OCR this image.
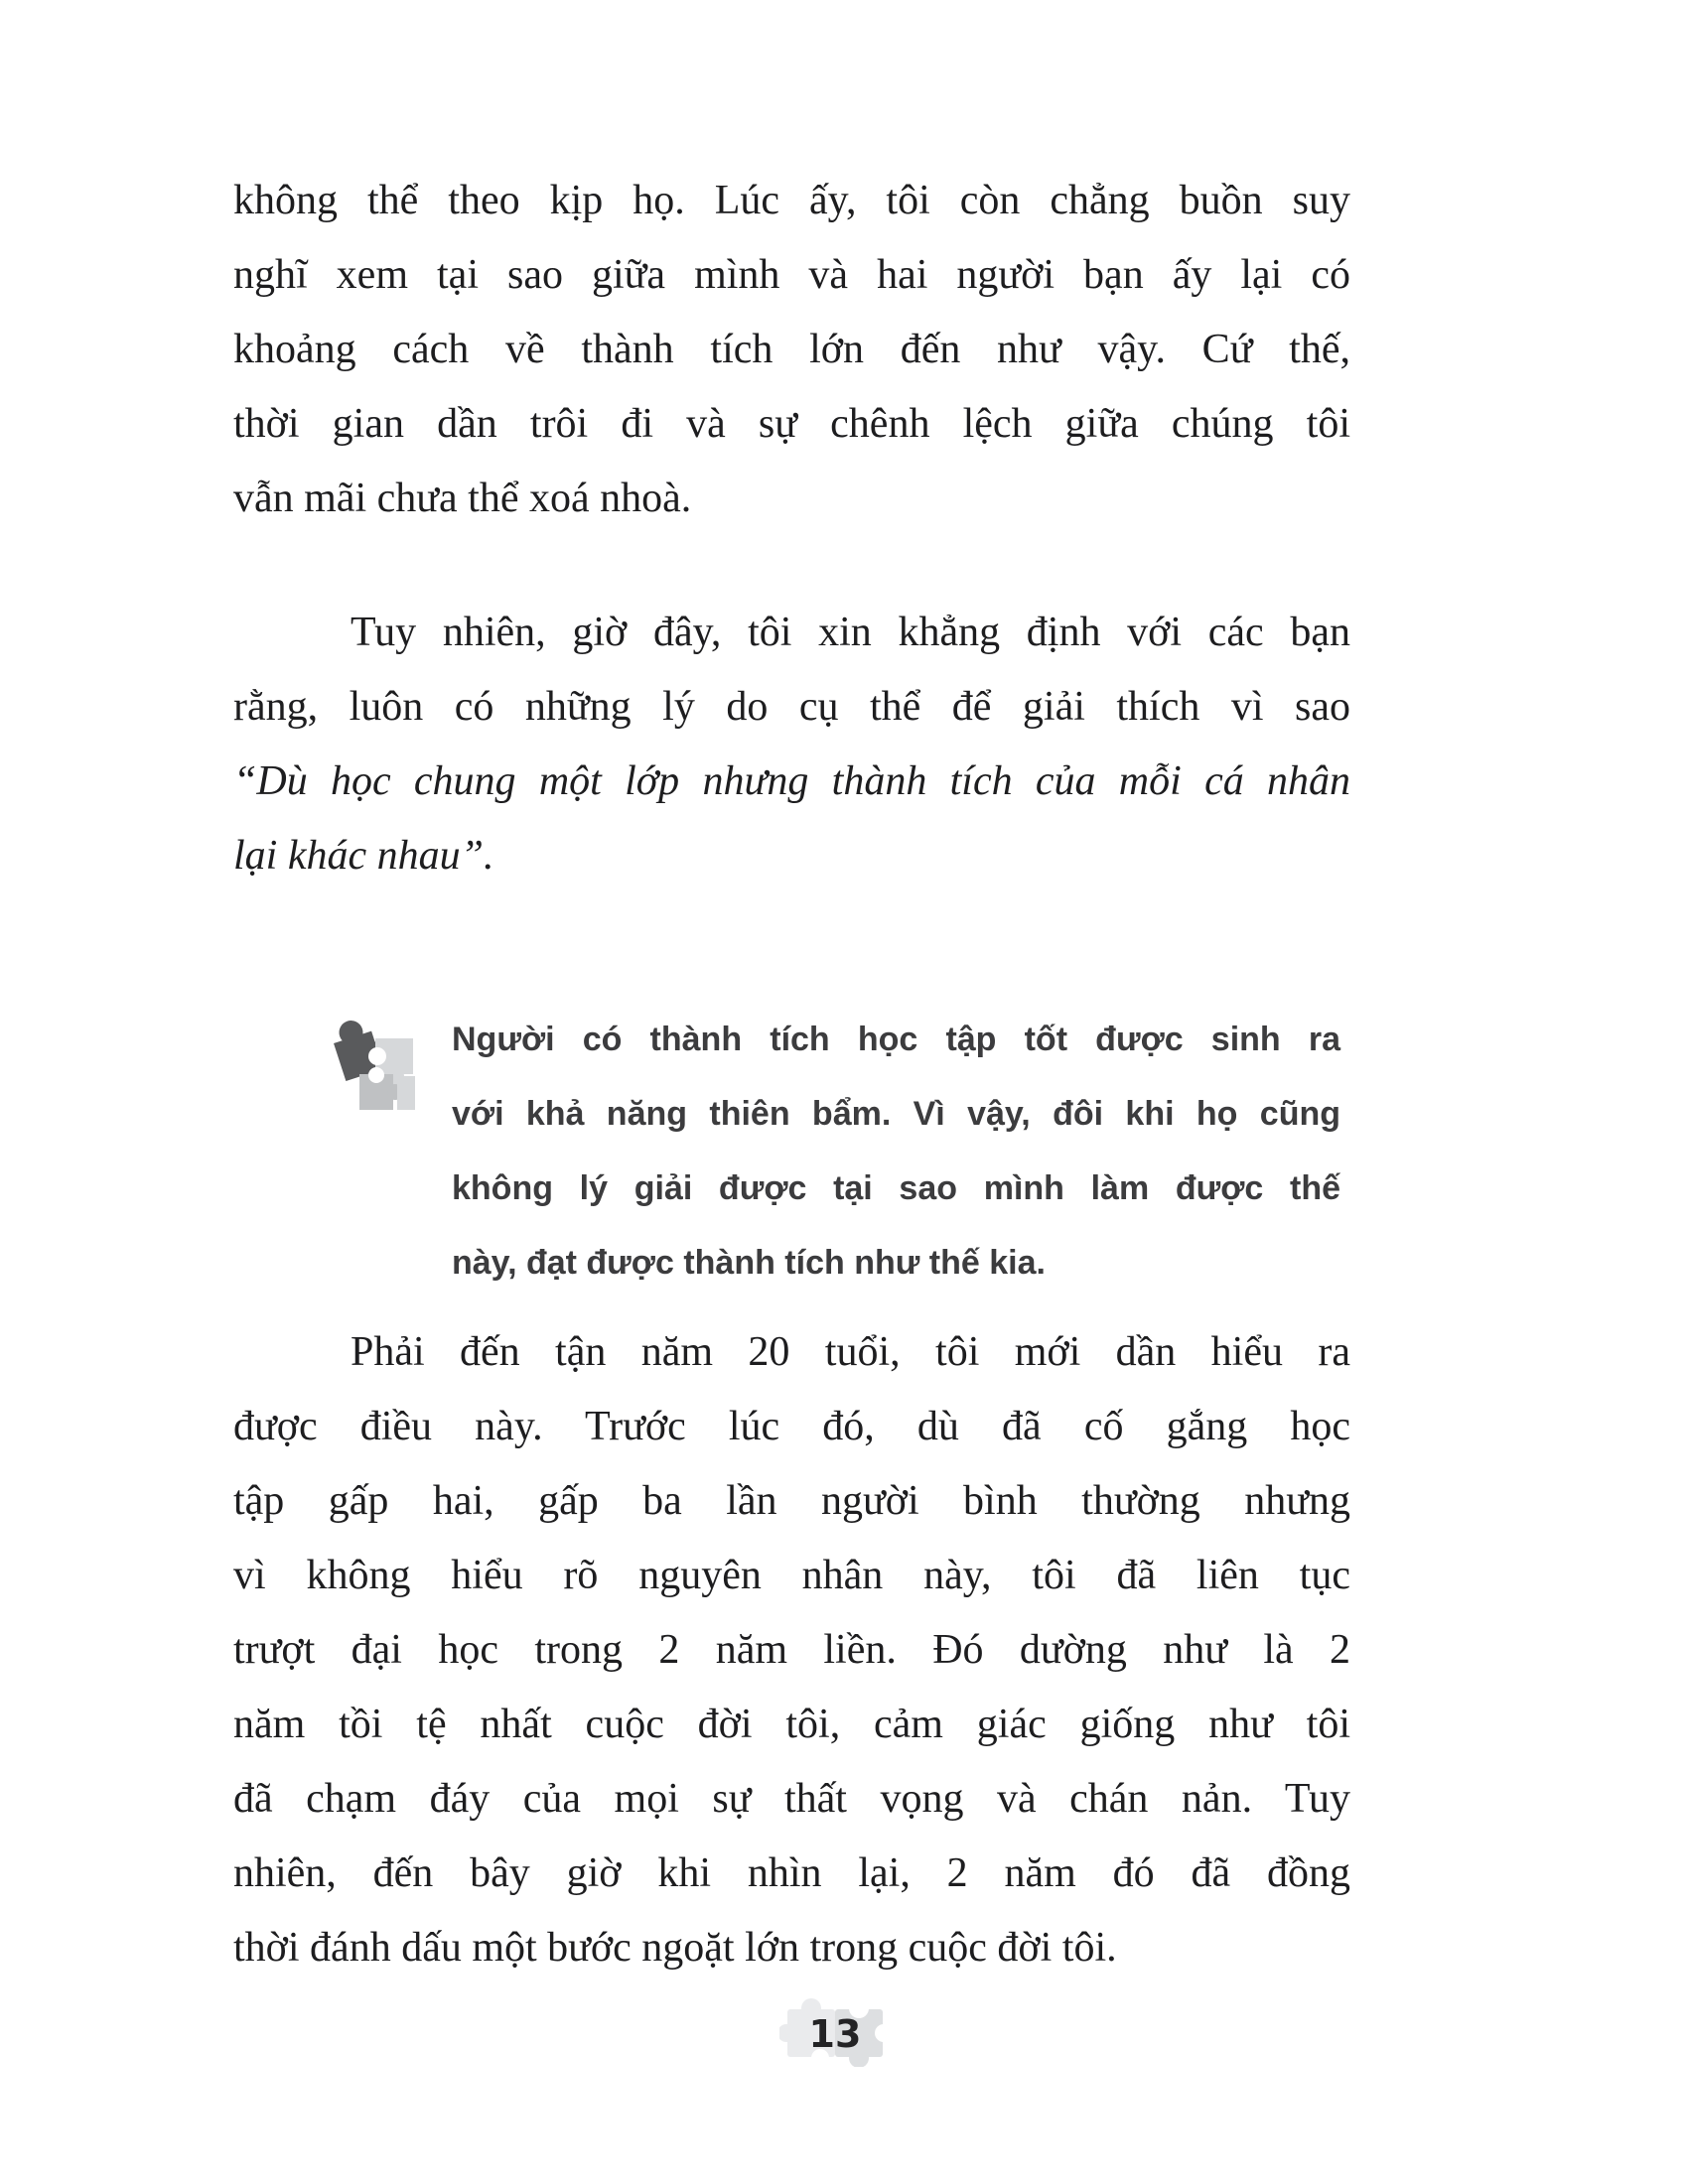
không thể theo kịp họ. Lúc ấy, tôi còn chẳng buồn suy
nghĩ xem tại sao giữa mình và hai người bạn ấy lại có
khoảng cách về thành tích lớn đến như vậy. Cứ thế,
thời gian dần trôi đi và sự chênh lệch giữa chúng tôi
vẫn mãi chưa thể xoá nhoà.
Tuy nhiên, giờ đây, tôi xin khẳng định với các bạn
rằng, luôn có những lý do cụ thể để giải thích vì sao
“Dù học chung một lớp nhưng thành tích của mỗi cá nhân
lại khác nhau”.
Người có thành tích học tập tốt được sinh ra
với khả năng thiên bẩm. Vì vậy, đôi khi họ cũng
không lý giải được tại sao mình làm được thế
này, đạt được thành tích như thế kia.
Phải đến tận năm 20 tuổi, tôi mới dần hiểu ra
được điều này. Trước lúc đó, dù đã cố gắng học
tập gấp hai, gấp ba lần người bình thường nhưng
vì không hiểu rõ nguyên nhân này, tôi đã liên tục
trượt đại học trong 2 năm liền. Đó dường như là 2
năm tồi tệ nhất cuộc đời tôi, cảm giác giống như tôi
đã chạm đáy của mọi sự thất vọng và chán nản. Tuy
nhiên, đến bây giờ khi nhìn lại, 2 năm đó đã đồng
thời đánh dấu một bước ngoặt lớn trong cuộc đời tôi.
13
